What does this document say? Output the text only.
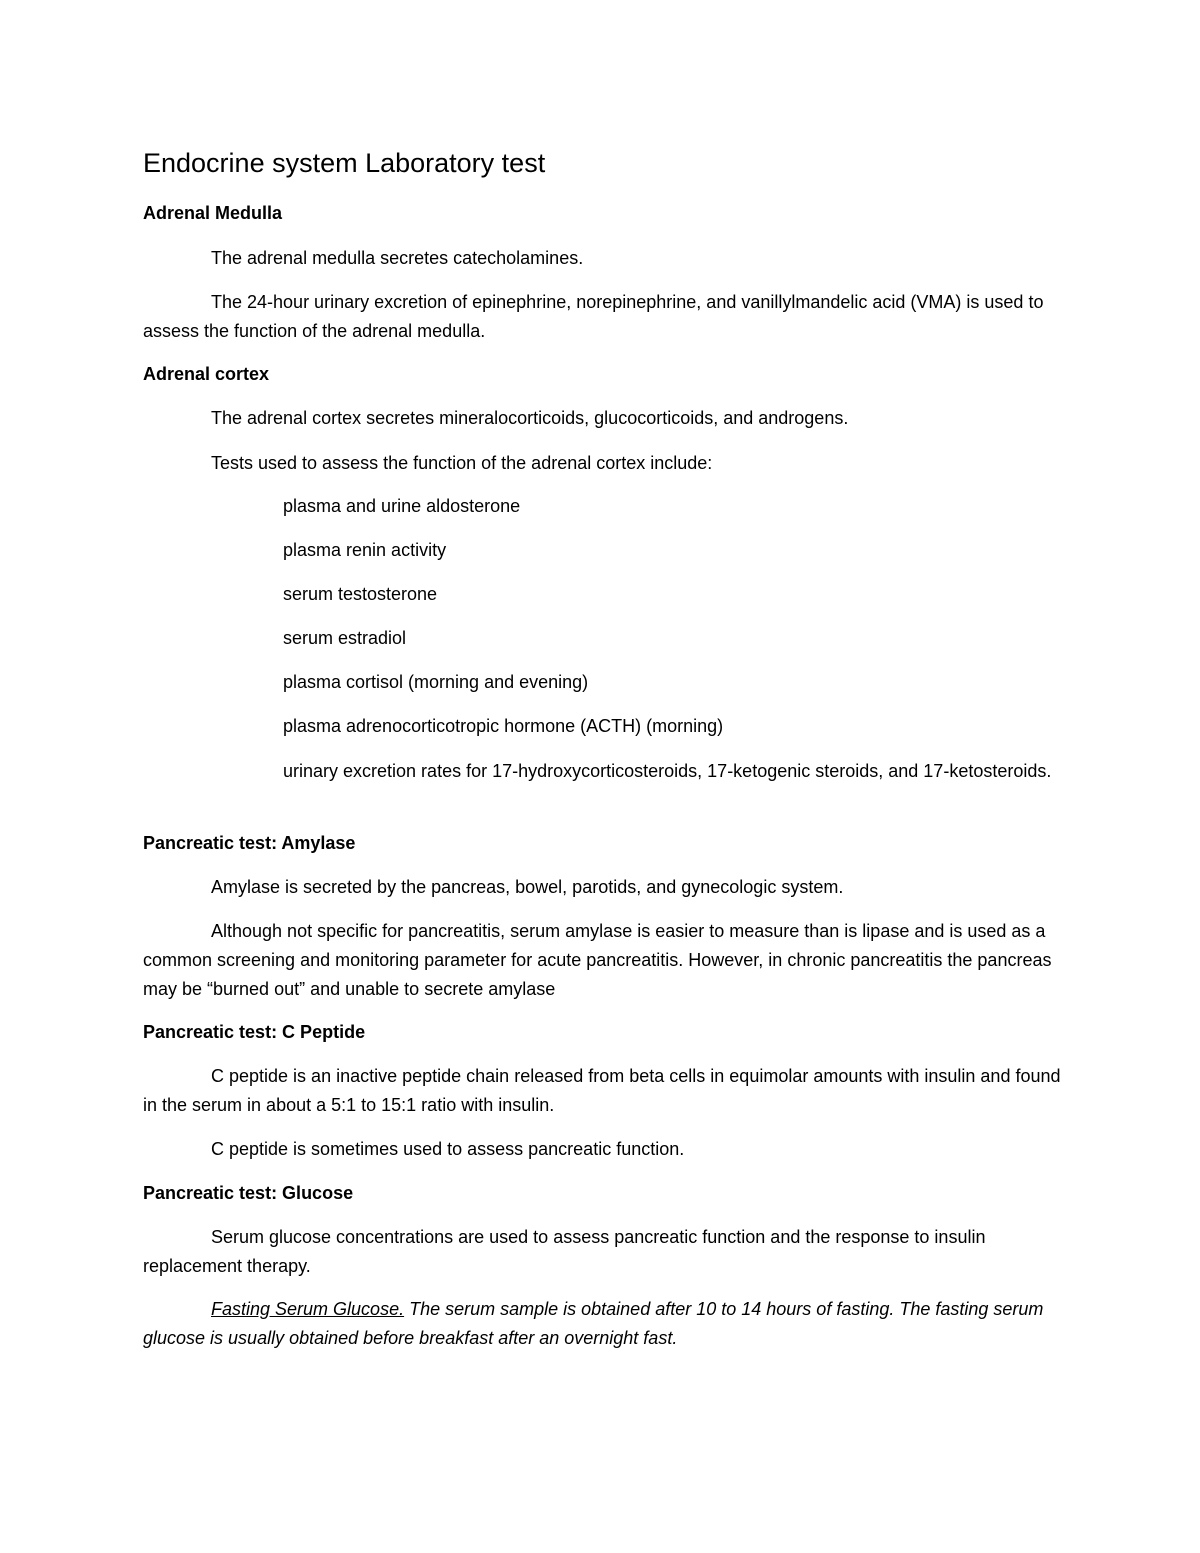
Endocrine system Laboratory test
Adrenal Medulla

The adrenal medulla secretes catecholamines.

The 24-hour urinary excretion of epinephrine, norepinephrine, and vanillylmandelic acid (VMA) is used to assess the function of the adrenal medulla.

Adrenal cortex

The adrenal cortex secretes mineralocorticoids, glucocorticoids, and androgens.

Tests used to assess the function of the adrenal cortex include:

plasma and urine aldosterone

plasma renin activity

serum testosterone

serum estradiol

plasma cortisol (morning and evening)

plasma adrenocorticotropic hormone (ACTH) (morning)

urinary excretion rates for 17-hydroxycorticosteroids, 17-ketogenic steroids, and 17-ketosteroids.

Pancreatic test: Amylase

Amylase is secreted by the pancreas, bowel, parotids, and gynecologic system.

Although not specific for pancreatitis, serum amylase is easier to measure than is lipase and is used as a common screening and monitoring parameter for acute pancreatitis. However, in chronic pancreatitis the pancreas may be “burned out” and unable to secrete amylase

Pancreatic test: C Peptide

C peptide is an inactive peptide chain released from beta cells in equimolar amounts with insulin and found in the serum in about a 5:1 to 15:1 ratio with insulin.

C peptide is sometimes used to assess pancreatic function.

Pancreatic test: Glucose

Serum glucose concentrations are used to assess pancreatic function and the response to insulin replacement therapy.

Fasting Serum Glucose. The serum sample is obtained after 10 to 14 hours of fasting. The fasting serum glucose is usually obtained before breakfast after an overnight fast.
